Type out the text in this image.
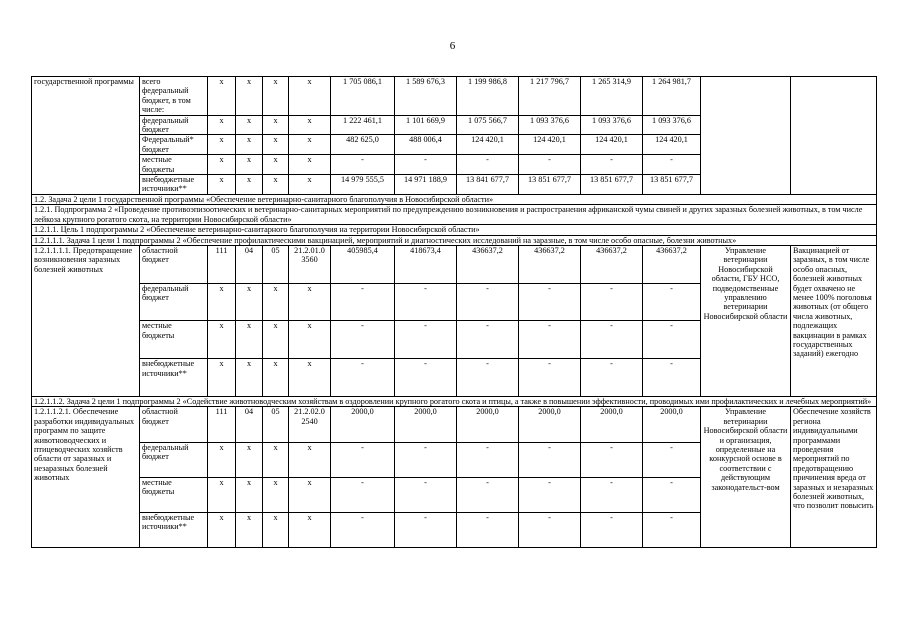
6
государственной программы	всего федеральный бюджет, в том числе:	х	х	х	х	1 705 086,1	1 589 676,3	1 199 986,8	1 217 796,7	1 265 314,9	1 264 981,7		
	федеральный бюджет	х	х	х	х	1 222 461,1	1 101 669,9	1 075 566,7	1 093 376,6	1 093 376,6	1 093 376,6		
	Федеральный* бюджет	х	х	х	х	482 625,0	488 006,4	124 420,1	124 420,1	124 420,1	124 420,1		
	местные бюджеты	х	х	х	х	-	-	-	-	-	-		
	внебюджетные источники**	х	х	х	х	14 979 555,5	14 971 188,9	13 841 677,7	13 851 677,7	13 851 677,7	13 851 677,7		
1.2. Задача 2 цели 1 государственной программы «Обеспечение ветеринарно-санитарного благополучия в Новосибирской области»													
1.2.1. Подпрограмма 2 «Проведение противоэпизоотических и ветеринарно-санитарных мероприятий по предупреждению возникновения и распространения африканской чумы свиней и других заразных болезней животных, в том числе лейкоза крупного рогатого скота, на территории Новосибирской области»													
1.2.1.1. Цель 1 подпрограммы 2 «Обеспечение ветеринарно-санитарного благополучия на территории Новосибирской области»													
1.2.1.1.1. Задача 1 цели 1 подпрограммы 2 «Обеспечение профилактическими вакцинацией, мероприятий и диагностических исследований на заразные, в том числе особо опасные, болезни животных»													
1.2.1.1.1.1. Предотвращение возникновения заразных болезней животных	областной бюджет	111	04	05	21.2.01.0 3560	405985,4	418673,4	436637,2	436637,2	436637,2	436637,2	Управление ветеринарии Новосибирской области, ГБУ НСО, подведомственные управлению ветеринарии Новосибирской области	Вакцинацией от заразных, в том числе особо опасных, болезней животных будет охвачено не менее 100% поголовья животных (от общего числа животных, подлежащих вакцинации в рамках государственных заданий) ежегодно
	федеральный бюджет	х	х	х	х	-	-	-	-	-	-		
	местные бюджеты	х	х	х	х	-	-	-	-	-	-		
	внебюджетные источники**	х	х	х	х	-	-	-	-	-	-		
1.2.1.1.2. Задача 2 цели 1 подпрограммы 2 «Содействие животноводческим хозяйствам в оздоровлении крупного рогатого скота и птицы, а также в повышении эффективности, проводимых ими профилактических и лечебных мероприятий»													
1.2.1.1.2.1. Обеспечение разработки индивидуальных программ по защите животноводческих и птицеводческих хозяйств области от заразных и незаразных болезней животных	областной бюджет	111	04	05	21.2.02.0 2540	2000,0	2000,0	2000,0	2000,0	2000,0	2000,0	Управление ветеринарии Новосибирской области и организация, определенные на конкурсной основе в соответствии с действующим законодательст-вом	Обеспечение хозяйств региона индивидуальными программами проведения мероприятий по предотвращению причинения вреда от заразных и незаразных болезней животных, что позволит повысить
	федеральный бюджет	х	х	х	х	-	-	-	-	-	-		
	местные бюджеты	х	х	х	х	-	-	-	-	-	-		
	внебюджетные источники**	х	х	х	х	-	-	-	-	-	-		
